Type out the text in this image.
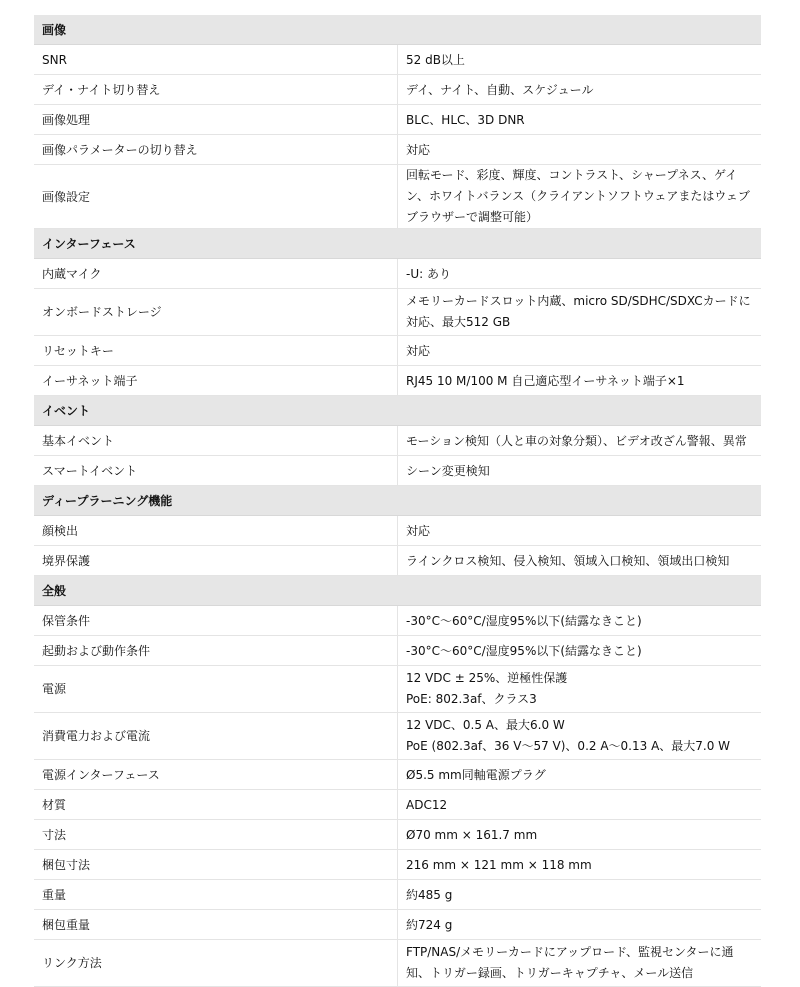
画像	
SNR	52 dB以上
デイ・ナイト切り替え	デイ、ナイト、自動、スケジュール
画像処理	BLC、HLC、3D DNR
画像パラメーターの切り替え	対応
画像設定	回転モード、彩度、輝度、コントラスト、シャープネス、ゲイン、ホワイトバランス（クライアントソフトウェアまたはウェブブラウザーで調整可能）
インターフェース	
内蔵マイク	-U: あり
オンボードストレージ	メモリーカードスロット内蔵、micro SD/SDHC/SDXCカードに対応、最大512 GB
リセットキー	対応
イーサネット端子	RJ45 10 M/100 M 自己適応型イーサネット端子×1
イベント	
基本イベント	モーション検知（人と車の対象分類）、ビデオ改ざん警報、異常
スマートイベント	シーン変更検知
ディープラーニング機能	
顔検出	対応
境界保護	ラインクロス検知、侵入検知、領域入口検知、領域出口検知
全般	
保管条件	-30°C～60°C/湿度95%以下(結露なきこと)
起動および動作条件	-30°C～60°C/湿度95%以下(結露なきこと)
電源	12 VDC ± 25%、逆極性保護
PoE: 802.3af、クラス3

消費電力および電流	12 VDC、0.5 A、最大6.0 W
PoE (802.3af、36 V～57 V)、0.2 A～0.13 A、最大7.0 W

電源インターフェース	Ø5.5 mm同軸電源プラグ
材質	ADC12
寸法	Ø70 mm × 161.7 mm
梱包寸法	216 mm × 121 mm × 118 mm
重量	約485 g
梱包重量	約724 g
リンク方法	FTP/NAS/メモリーカードにアップロード、監視センターに通知、トリガー録画、トリガーキャプチャ、メール送信
